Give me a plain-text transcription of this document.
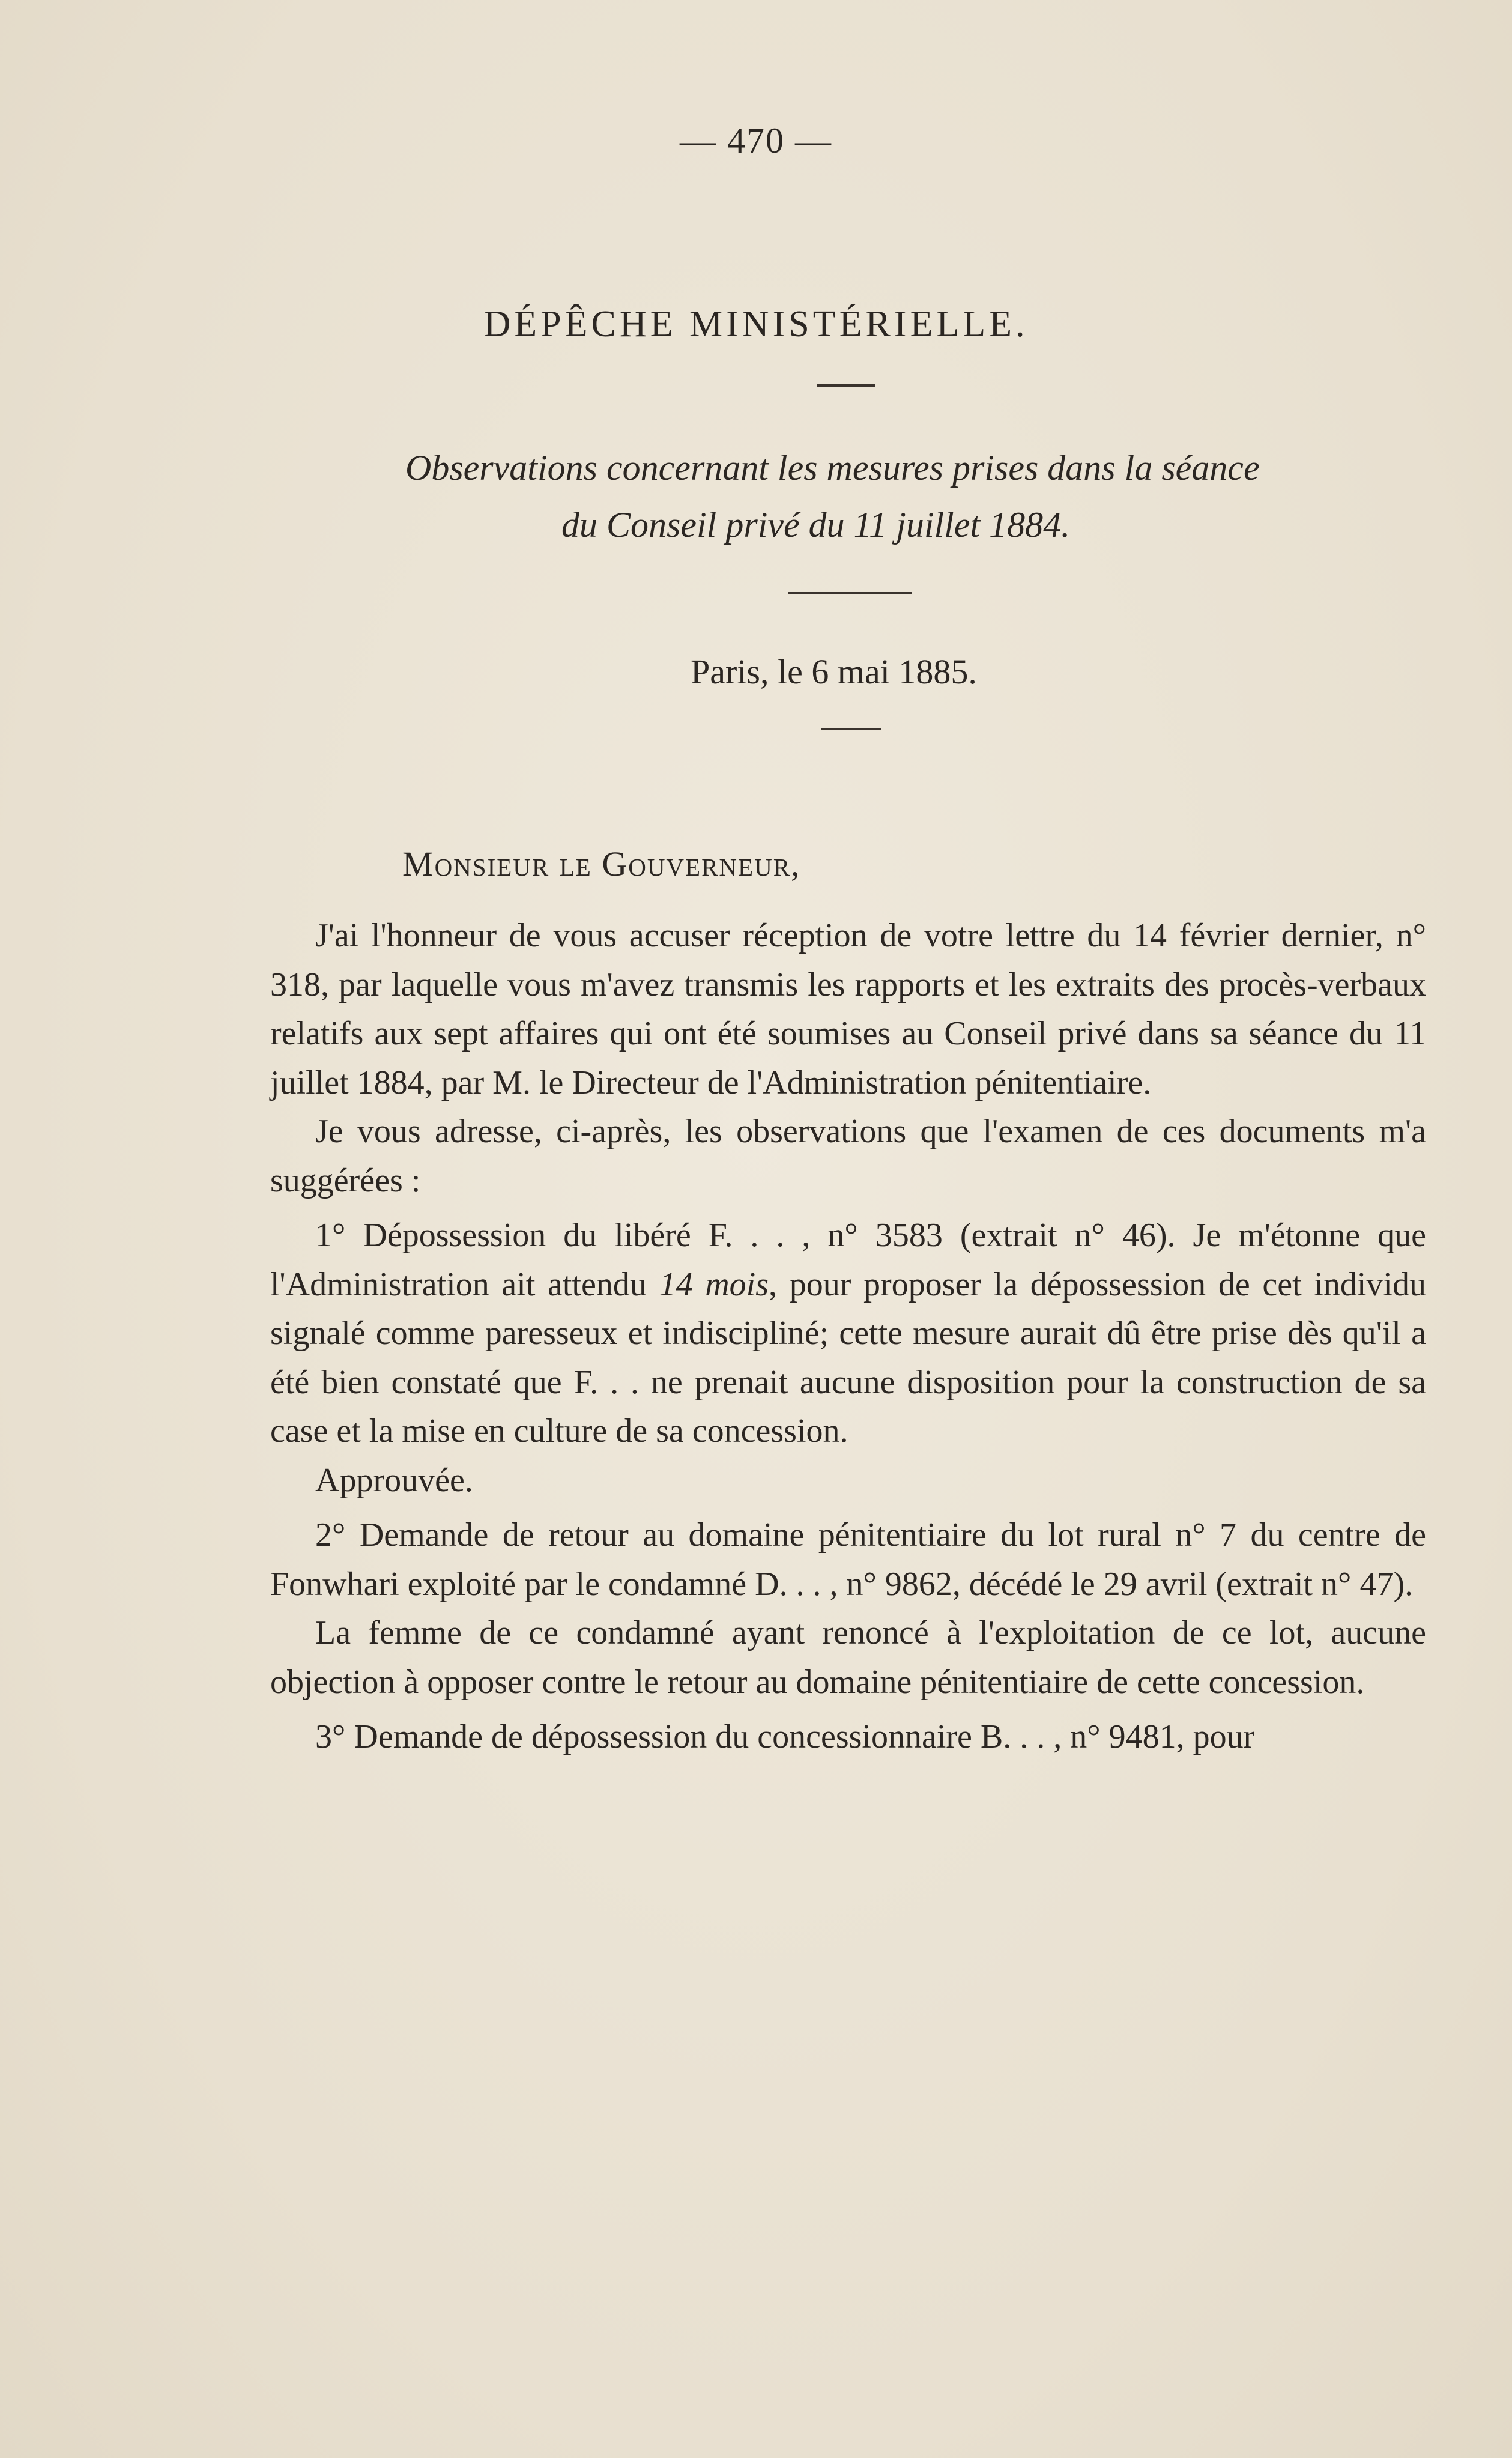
— 470 —
DÉPÊCHE MINISTÉRIELLE.
Observations concernant les mesures prises dans la séance
du Conseil privé du 11 juillet 1884.
Paris, le 6 mai 1885.
Monsieur le Gouverneur,

J'ai l'honneur de vous accuser réception de votre lettre du 14 février dernier, n° 318, par laquelle vous m'avez transmis les rapports et les extraits des procès-verbaux relatifs aux sept affaires qui ont été soumises au Conseil privé dans sa séance du 11 juillet 1884, par M. le Directeur de l'Administration pénitentiaire.

Je vous adresse, ci-après, les observations que l'examen de ces documents m'a suggérées :

1° Dépossession du libéré F. . . , n° 3583 (extrait n° 46). Je m'étonne que l'Administration ait attendu 14 mois, pour proposer la dépossession de cet individu signalé comme paresseux et indiscipliné; cette mesure aurait dû être prise dès qu'il a été bien constaté que F. . . ne prenait aucune disposition pour la construction de sa case et la mise en culture de sa concession.

Approuvée.

2° Demande de retour au domaine pénitentiaire du lot rural n° 7 du centre de Fonwhari exploité par le condamné D. . . , n° 9862, décédé le 29 avril (extrait n° 47).

La femme de ce condamné ayant renoncé à l'exploitation de ce lot, aucune objection à opposer contre le retour au domaine pénitentiaire de cette concession.

3° Demande de dépossession du concessionnaire B. . . , n° 9481, pour
